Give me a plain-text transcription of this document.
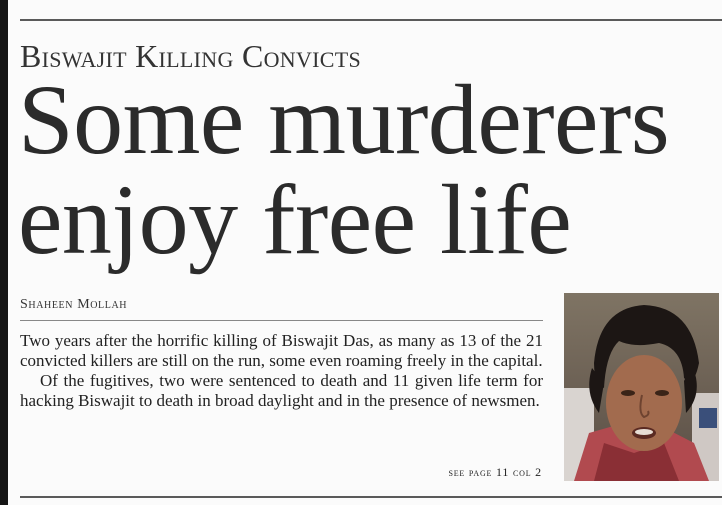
Biswajit Killing Convicts
Some murderers
enjoy free life
Shaheen Mollah

Two years after the horrific killing of Biswajit Das, as many as 13 of the 21 convicted killers are still on the run, some even roaming freely in the capital.

Of the fugitives, two were sentenced to death and 11 given life term for hacking Biswajit to death in broad daylight and in the presence of newsmen.

see page 11 col 2
